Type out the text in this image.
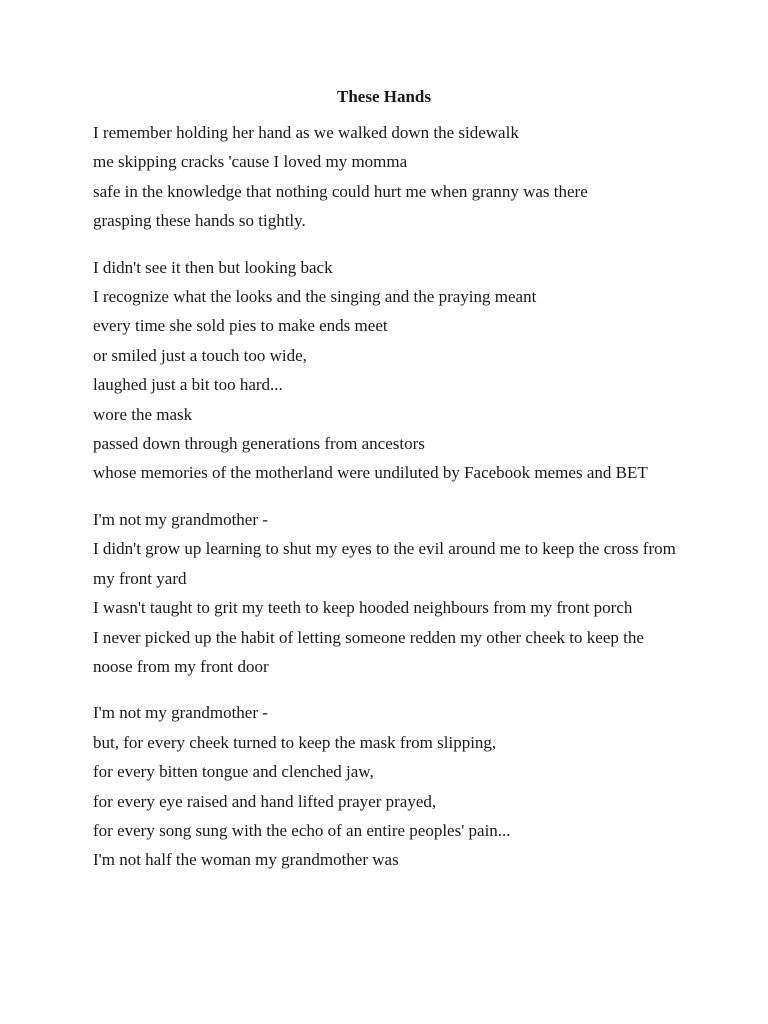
These Hands
I remember holding her hand as we walked down the sidewalk
me skipping cracks 'cause I loved my momma
safe in the knowledge that nothing could hurt me when granny was there
grasping these hands so tightly.
I didn't see it then but looking back
I recognize what the looks and the singing and the praying meant
every time she sold pies to make ends meet
or smiled just a touch too wide,
laughed just a bit too hard...
wore the mask
passed down through generations from ancestors
whose memories of the motherland were undiluted by Facebook memes and BET
I'm not my grandmother -
I didn't grow up learning to shut my eyes to the evil around me to keep the cross from my front yard
I wasn't taught to grit my teeth to keep hooded neighbours from my front porch
I never picked up the habit of letting someone redden my other cheek to keep the noose from my front door
I'm not my grandmother -
but, for every cheek turned to keep the mask from slipping,
for every bitten tongue and clenched jaw,
for every eye raised and hand lifted prayer prayed,
for every song sung with the echo of an entire peoples' pain...
I'm not half the woman my grandmother was
